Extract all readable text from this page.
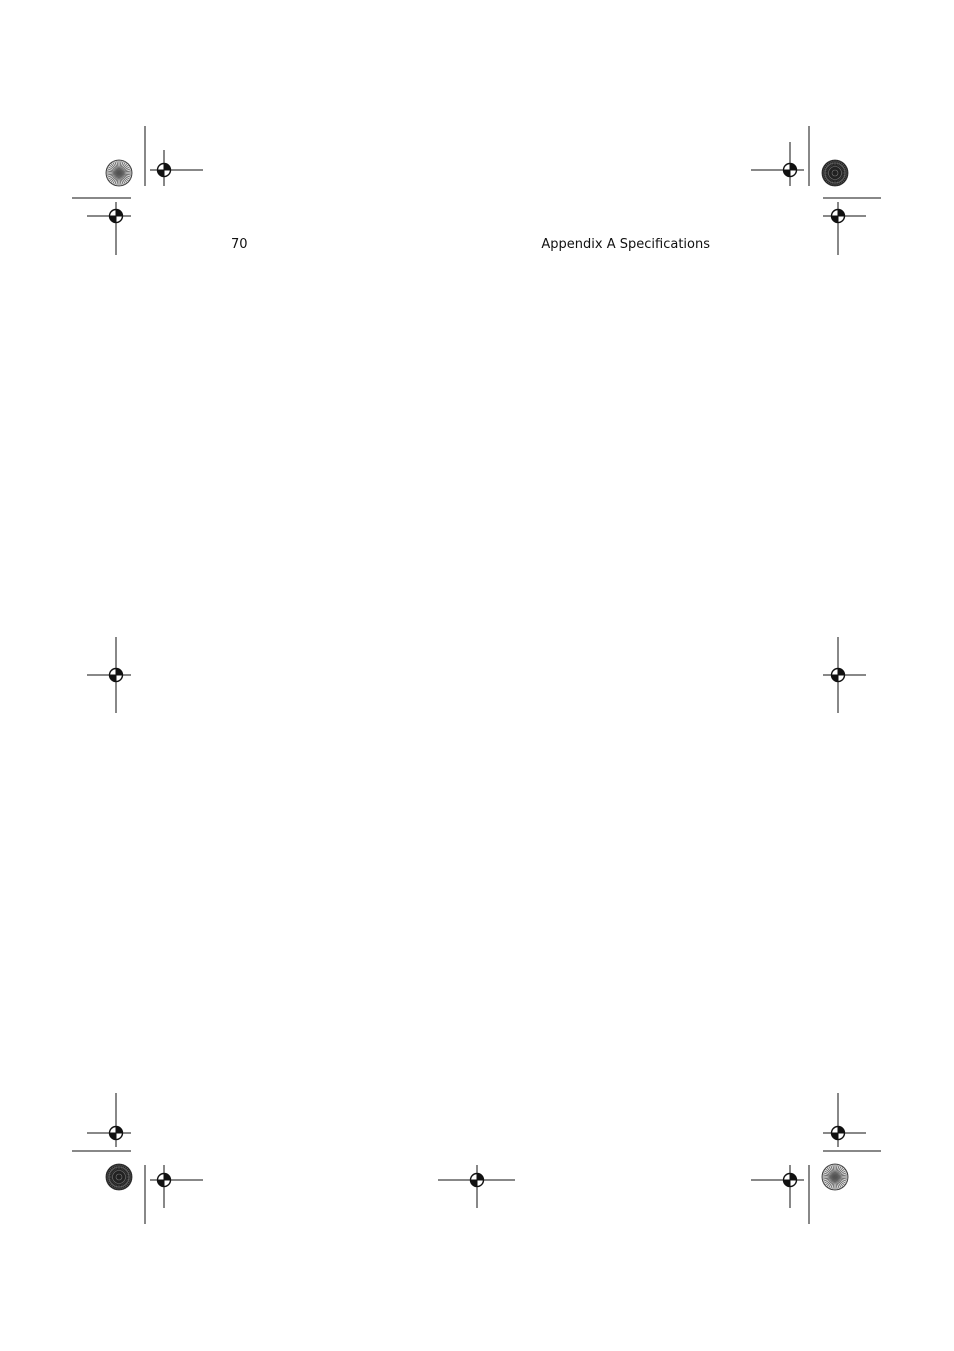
70	Appendix A Specifications
